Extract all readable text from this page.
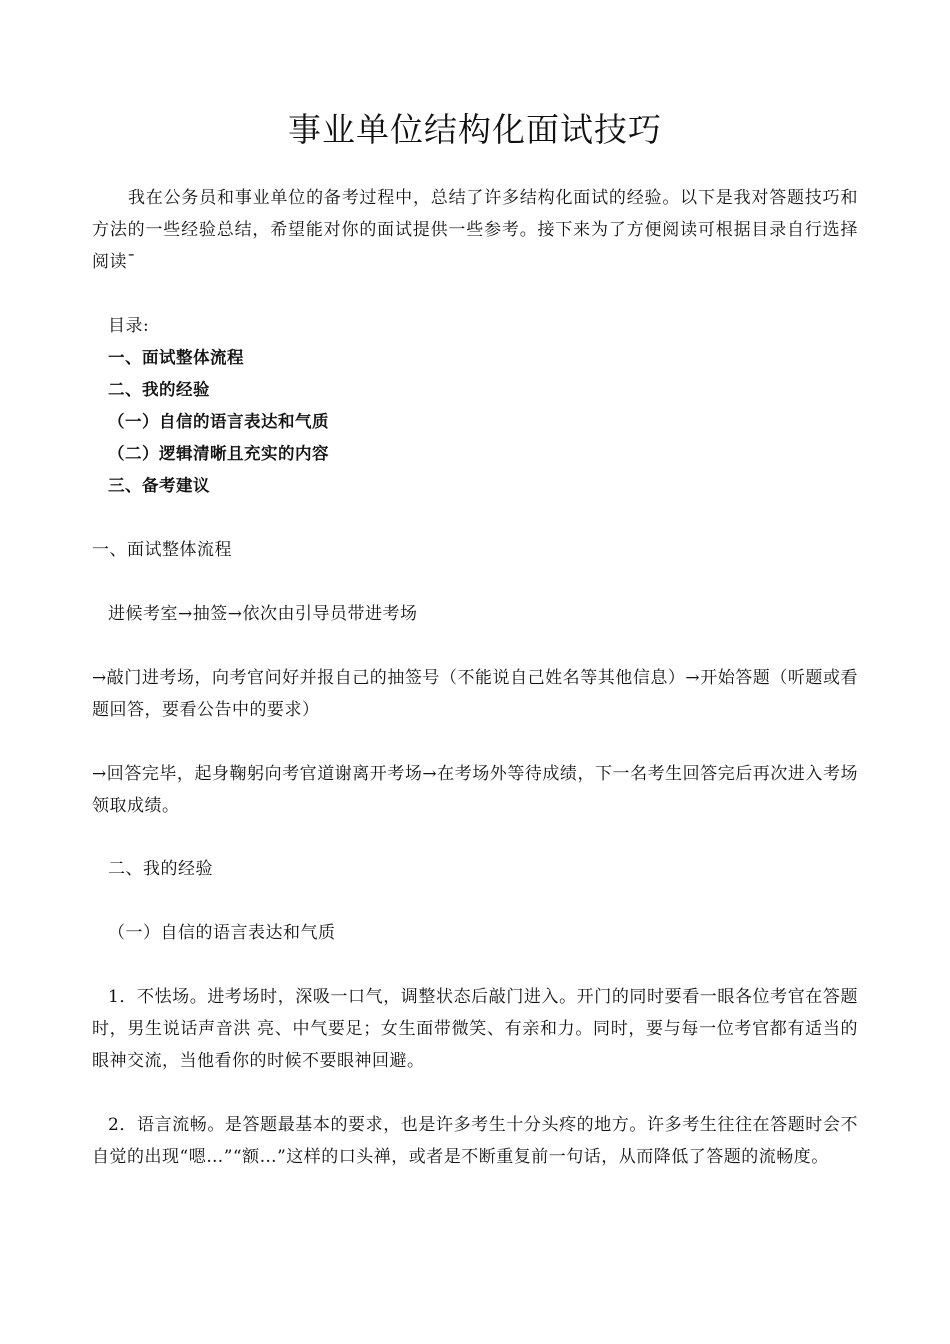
事业单位结构化面试技巧

我在公务员和事业单位的备考过程中，总结了许多结构化面试的经验。以下是我对答题技巧和方法的一些经验总结，希望能对你的面试提供一些参考。接下来为了方便阅读可根据目录自行选择阅读¯

目录:

一、面试整体流程

二、我的经验

（一）自信的语言表达和气质

（二）逻辑清晰且充实的内容

三、备考建议

一、面试整体流程

进候考室→抽签→依次由引导员带进考场

→敲门进考场，向考官问好并报自己的抽签号（不能说自己姓名等其他信息）→开始答题（听题或看题回答，要看公告中的要求）

→回答完毕，起身鞠躬向考官道谢离开考场→在考场外等待成绩，下一名考生回答完后再次进入考场领取成绩。

二、我的经验

（一）自信的语言表达和气质

1．不怯场。进考场时，深吸一口气，调整状态后敲门进入。开门的同时要看一眼各位考官在答题时，男生说话声音洪 亮、中气要足；女生面带微笑、有亲和力。同时，要与每一位考官都有适当的眼神交流，当他看你的时候不要眼神回避。

2．语言流畅。是答题最基本的要求，也是许多考生十分头疼的地方。许多考生往往在答题时会不自觉的出现“嗯…”“额…”这样的口头禅，或者是不断重复前一句话，从而降低了答题的流畅度。
